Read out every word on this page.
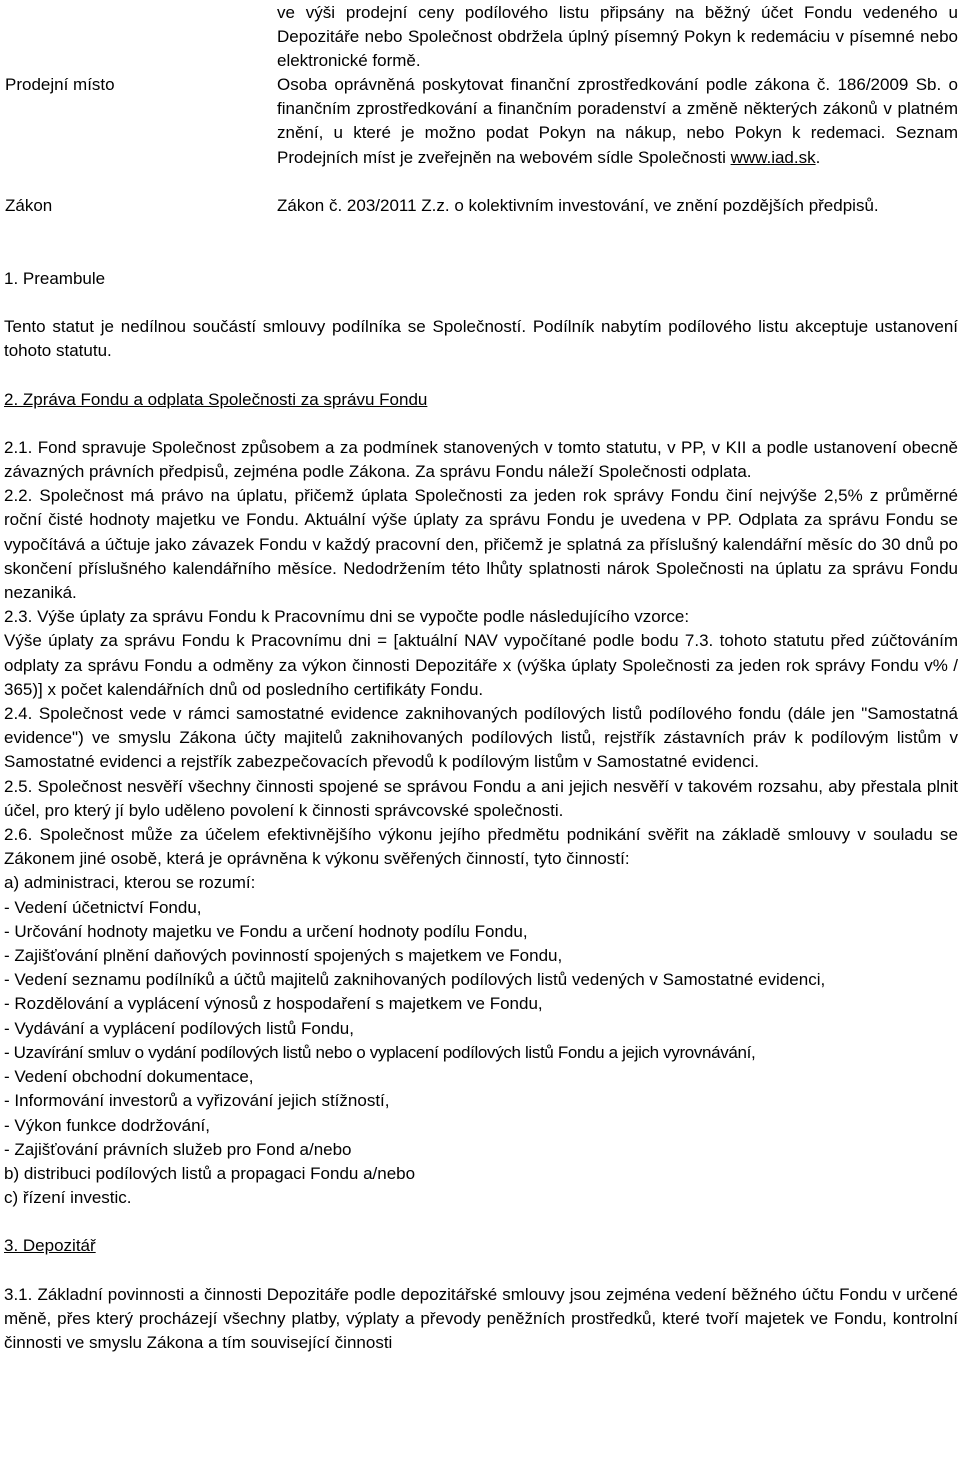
ve výši prodejní ceny podílového listu připsány na běžný účet Fondu vedeného u Depozitáře nebo Společnost obdržela úplný písemný Pokyn k redemáciu v písemné nebo elektronické formě.
Prodejní místo	Osoba oprávněná poskytovat finanční zprostředkování podle zákona č. 186/2009 Sb. o finančním zprostředkování a finančním poradenství a změně některých zákonů v platném znění, u které je možno podat Pokyn na nákup, nebo Pokyn k redemaci. Seznam Prodejních míst je zveřejněn na webovém sídle Společnosti www.iad.sk.
Zákon	Zákon č. 203/2011 Z.z. o kolektivním investování, ve znění pozdějších předpisů.

1. Preambule

Tento statut je nedílnou součástí smlouvy podílníka se Společností. Podílník nabytím podílového listu akceptuje ustanovení tohoto statutu.

2. Zpráva Fondu a odplata Společnosti za správu Fondu

2.1. Fond spravuje Společnost způsobem a za podmínek stanovených v tomto statutu, v PP, v KII a podle ustanovení obecně závazných právních předpisů, zejména podle Zákona. Za správu Fondu náleží Společnosti odplata.

2.2. Společnost má právo na úplatu, přičemž úplata Společnosti za jeden rok správy Fondu činí nejvýše 2,5% z průměrné roční čisté hodnoty majetku ve Fondu. Aktuální výše úplaty za správu Fondu je uvedena v PP. Odplata za správu Fondu se vypočítává a účtuje jako závazek Fondu v každý pracovní den, přičemž je splatná za příslušný kalendářní měsíc do 30 dnů po skončení příslušného kalendářního měsíce. Nedodržením této lhůty splatnosti nárok Společnosti na úplatu za správu Fondu nezaniká.

2.3. Výše úplaty za správu Fondu k Pracovnímu dni se vypočte podle následujícího vzorce:

Výše úplaty za správu Fondu k Pracovnímu dni = [aktuální NAV vypočítané podle bodu 7.3. tohoto statutu před zúčtováním odplaty za správu Fondu a odměny za výkon činnosti Depozitáře x (výška úplaty Společnosti za jeden rok správy Fondu v% / 365)] x počet kalendářních dnů od posledního certifikáty Fondu.

2.4. Společnost vede v rámci samostatné evidence zaknihovaných podílových listů podílového fondu (dále jen "Samostatná evidence") ve smyslu Zákona účty majitelů zaknihovaných podílových listů, rejstřík zástavních práv k podílovým listům v Samostatné evidenci a rejstřík zabezpečovacích převodů k podílovým listům v Samostatné evidenci.

2.5. Společnost nesvěří všechny činnosti spojené se správou Fondu a ani jejich nesvěří v takovém rozsahu, aby přestala plnit účel, pro který jí bylo uděleno povolení k činnosti správcovské společnosti.

2.6. Společnost může za účelem efektivnějšího výkonu jejího předmětu podnikání svěřit na základě smlouvy v souladu se Zákonem jiné osobě, která je oprávněna k výkonu svěřených činností, tyto činností:

a) administraci, kterou se rozumí:

- Vedení účetnictví Fondu,

- Určování hodnoty majetku ve Fondu a určení hodnoty podílu Fondu,

- Zajišťování plnění daňových povinností spojených s majetkem ve Fondu,

- Vedení seznamu podílníků a účtů majitelů zaknihovaných podílových listů vedených v Samostatné evidenci,

- Rozdělování a vyplácení výnosů z hospodaření s majetkem ve Fondu,

- Vydávání a vyplácení podílových listů Fondu,

- Uzavírání smluv o vydání podílových listů nebo o vyplacení podílových listů Fondu a jejich vyrovnávání,

- Vedení obchodní dokumentace,

- Informování investorů a vyřizování jejich stížností,

- Výkon funkce dodržování,

- Zajišťování právních služeb pro Fond a/nebo

b) distribuci podílových listů a propagaci Fondu a/nebo

c) řízení investic.

3. Depozitář

3.1. Základní povinnosti a činnosti Depozitáře podle depozitářské smlouvy jsou zejména vedení běžného účtu Fondu v určené měně, přes který procházejí všechny platby, výplaty a převody peněžních prostředků, které tvoří majetek ve Fondu, kontrolní činnosti ve smyslu Zákona a tím související činnosti
